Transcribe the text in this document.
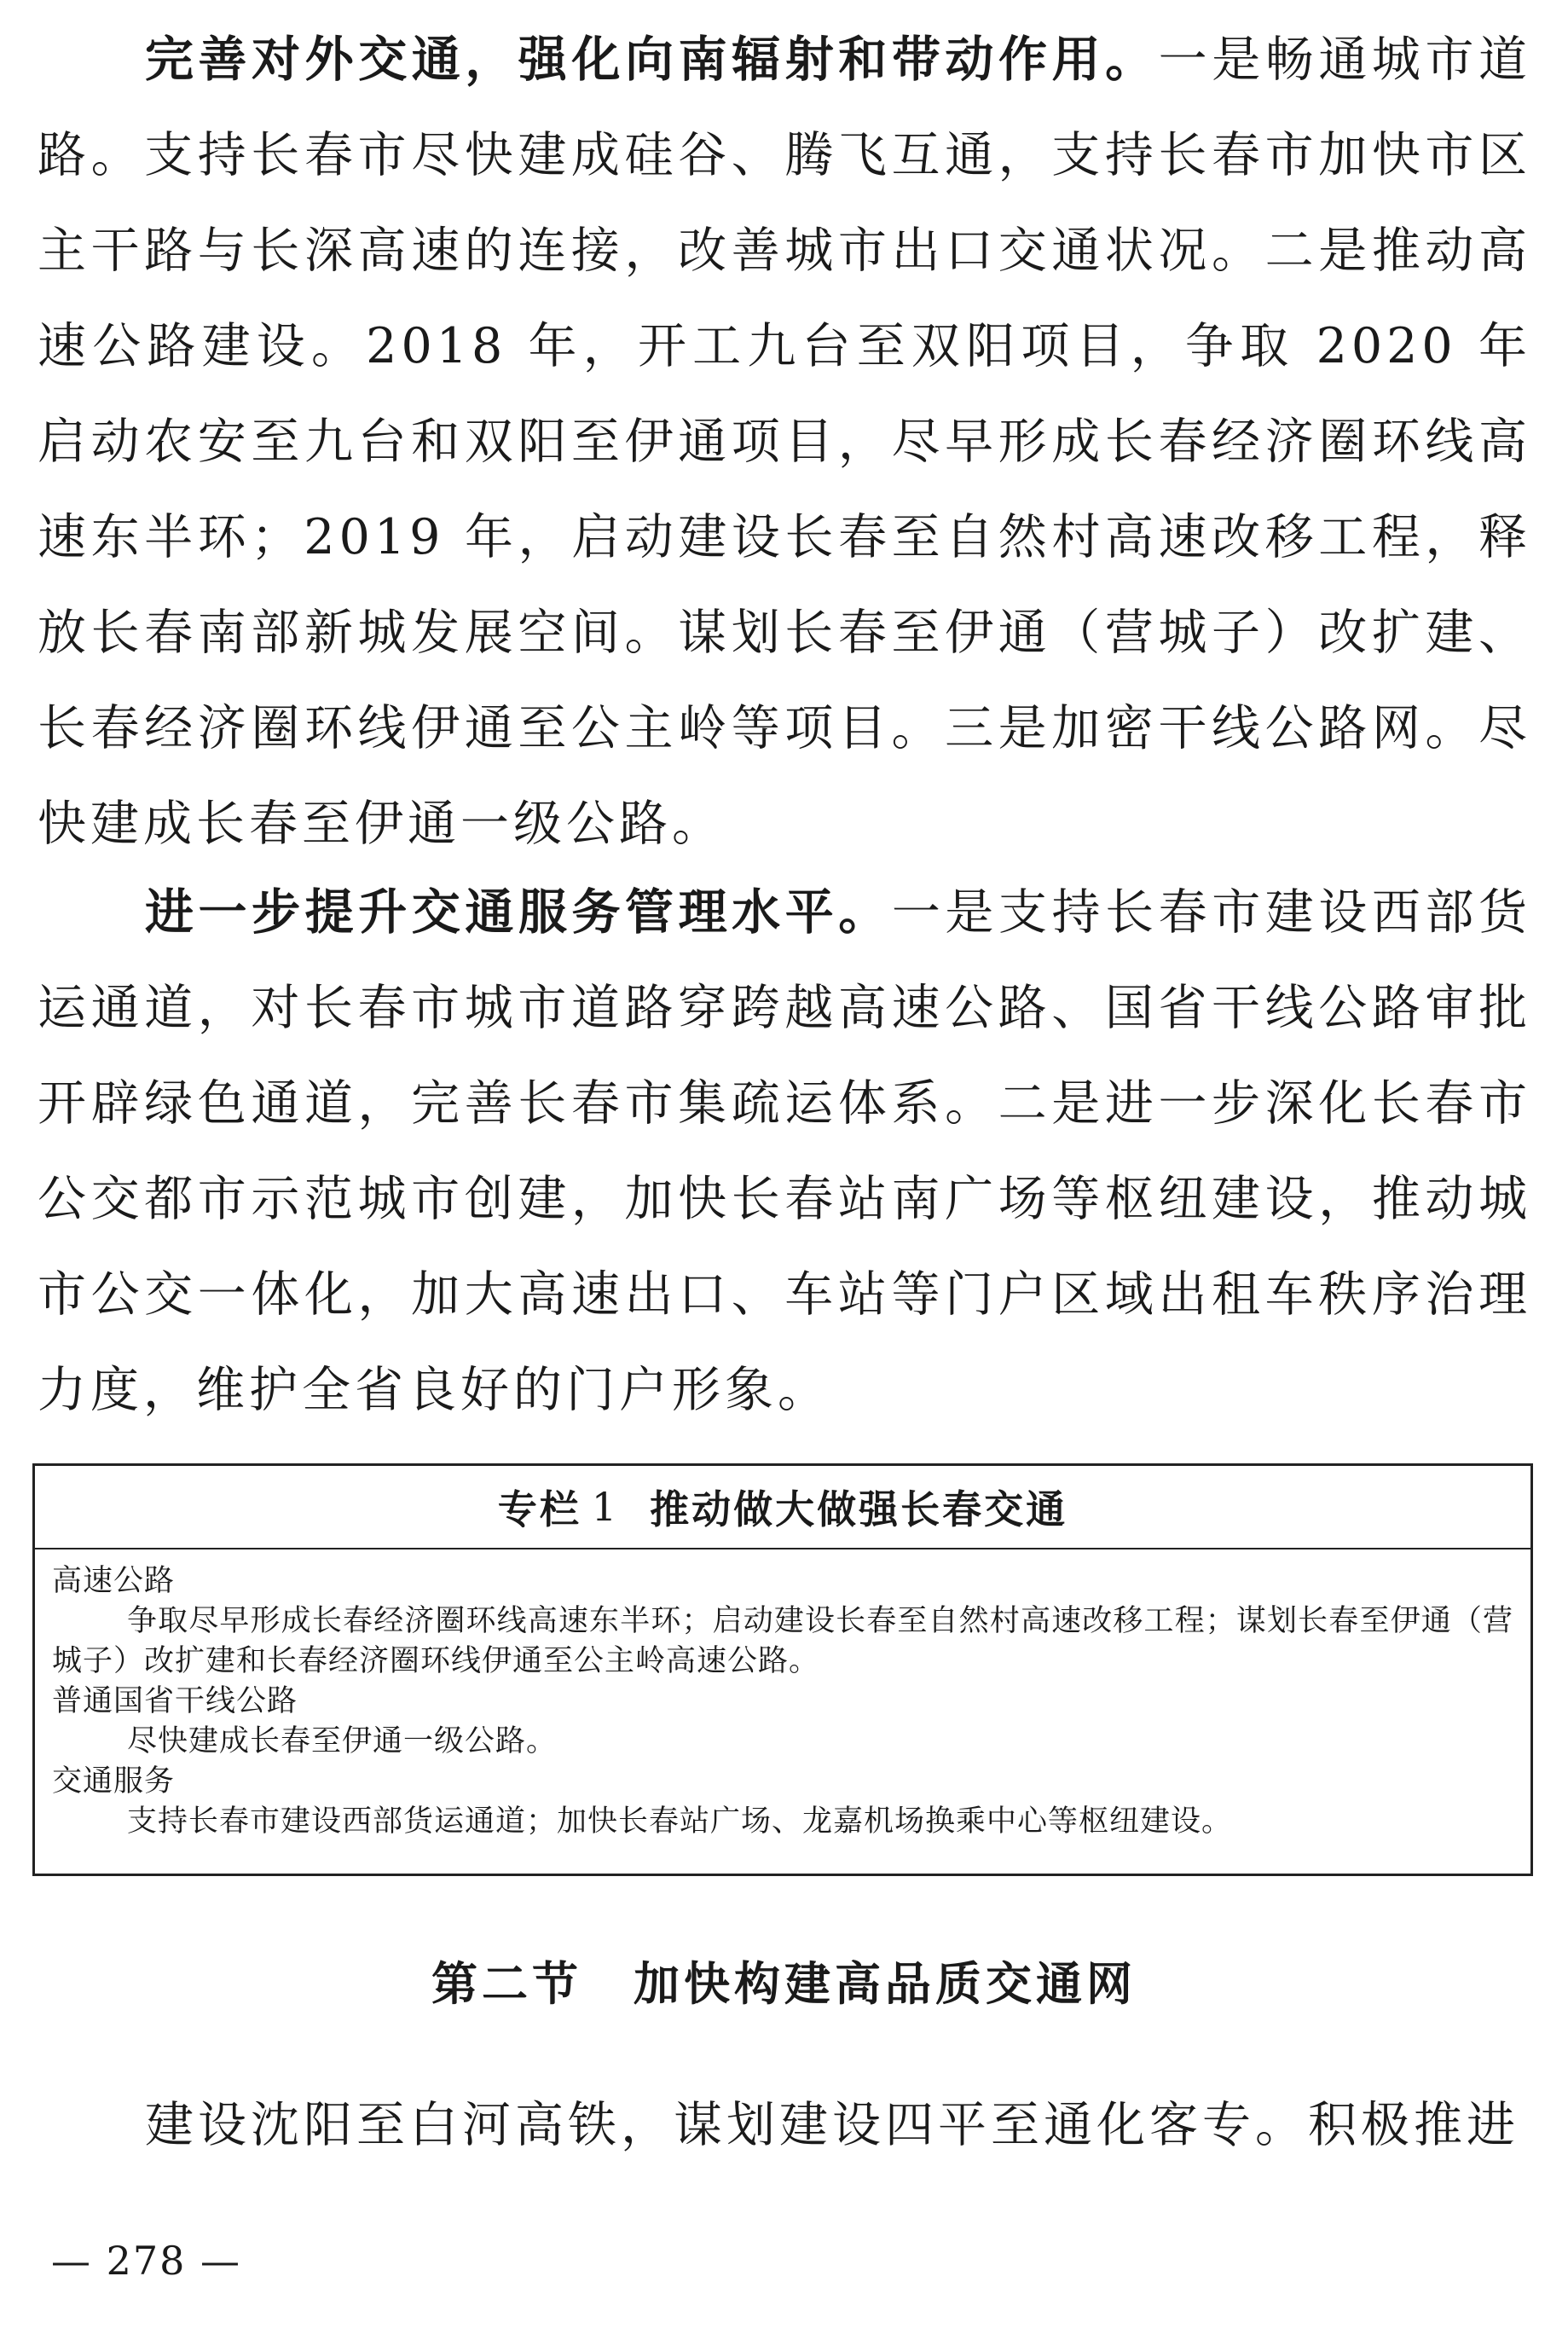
完善对外交通，强化向南辐射和带动作用。一是畅通城市道路。支持长春市尽快建成硅谷、腾飞互通，支持长春市加快市区主干路与长深高速的连接，改善城市出口交通状况。二是推动高速公路建设。2018 年，开工九台至双阳项目，争取 2020 年启动农安至九台和双阳至伊通项目，尽早形成长春经济圈环线高速东半环；2019 年，启动建设长春至自然村高速改移工程，释放长春南部新城发展空间。谋划长春至伊通（营城子）改扩建、长春经济圈环线伊通至公主岭等项目。三是加密干线公路网。尽快建成长春至伊通一级公路。

进一步提升交通服务管理水平。一是支持长春市建设西部货运通道，对长春市城市道路穿跨越高速公路、国省干线公路审批开辟绿色通道，完善长春市集疏运体系。二是进一步深化长春市公交都市示范城市创建，加快长春站南广场等枢纽建设，推动城市公交一体化，加大高速出口、车站等门户区域出租车秩序治理力度，维护全省良好的门户形象。

专栏 1 推动做大做强长春交通

高速公路

争取尽早形成长春经济圈环线高速东半环；启动建设长春至自然村高速改移工程；谋划长春至伊通（营城子）改扩建和长春经济圈环线伊通至公主岭高速公路。

普通国省干线公路

尽快建成长春至伊通一级公路。

交通服务

支持长春市建设西部货运通道；加快长春站广场、龙嘉机场换乘中心等枢纽建设。

第二节 加快构建高品质交通网

建设沈阳至白河高铁，谋划建设四平至通化客专。积极推进

— 278 —
